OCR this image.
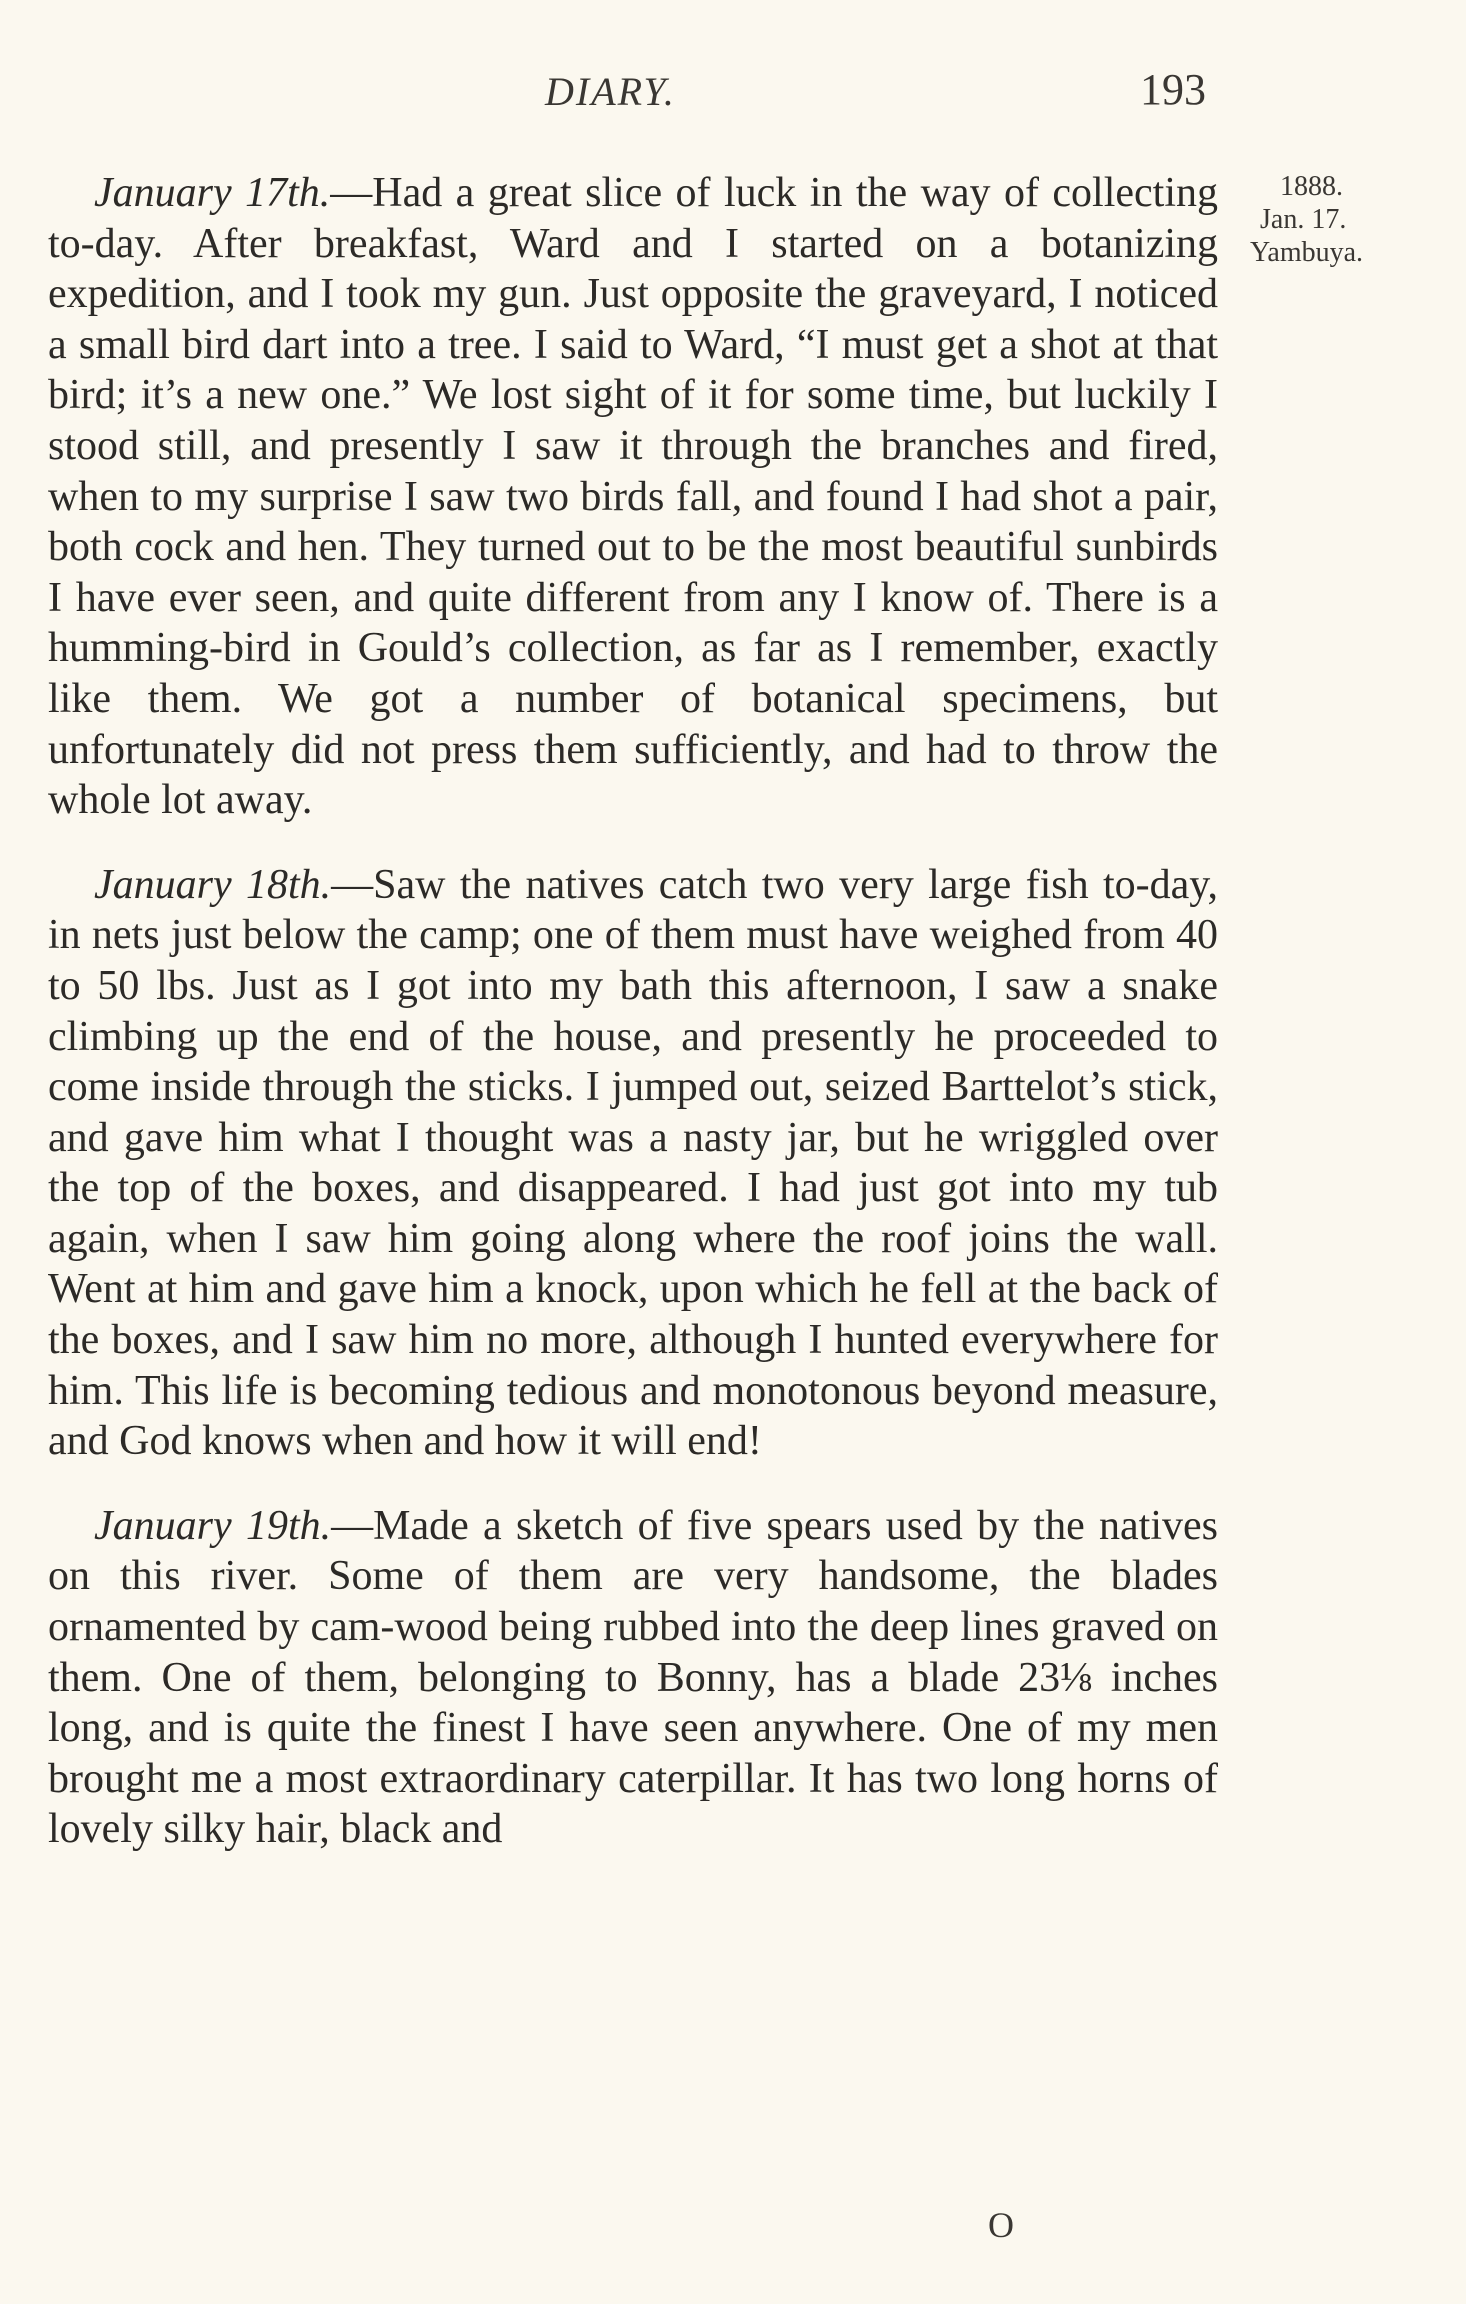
DIARY.	193
1888.
Jan. 17.
Yambuya.

January 17th.—Had a great slice of luck in the way of collecting to-day. After breakfast, Ward and I started on a botanizing expedition, and I took my gun. Just opposite the graveyard, I noticed a small bird dart into a tree. I said to Ward, “I must get a shot at that bird; it’s a new one.” We lost sight of it for some time, but luckily I stood still, and presently I saw it through the branches and fired, when to my surprise I saw two birds fall, and found I had shot a pair, both cock and hen. They turned out to be the most beautiful sunbirds I have ever seen, and quite different from any I know of. There is a humming-bird in Gould’s collection, as far as I remember, exactly like them. We got a number of botanical specimens, but unfortunately did not press them sufficiently, and had to throw the whole lot away.

January 18th.—Saw the natives catch two very large fish to-day, in nets just below the camp; one of them must have weighed from 40 to 50 lbs. Just as I got into my bath this afternoon, I saw a snake climbing up the end of the house, and presently he proceeded to come inside through the sticks. I jumped out, seized Barttelot’s stick, and gave him what I thought was a nasty jar, but he wriggled over the top of the boxes, and disappeared. I had just got into my tub again, when I saw him going along where the roof joins the wall. Went at him and gave him a knock, upon which he fell at the back of the boxes, and I saw him no more, although I hunted everywhere for him. This life is becoming tedious and monotonous beyond measure, and God knows when and how it will end!

January 19th.—Made a sketch of five spears used by the natives on this river. Some of them are very handsome, the blades ornamented by cam-wood being rubbed into the deep lines graved on them. One of them, belonging to Bonny, has a blade 23⅛ inches long, and is quite the finest I have seen anywhere. One of my men brought me a most extraordinary caterpillar. It has two long horns of lovely silky hair, black and

O
